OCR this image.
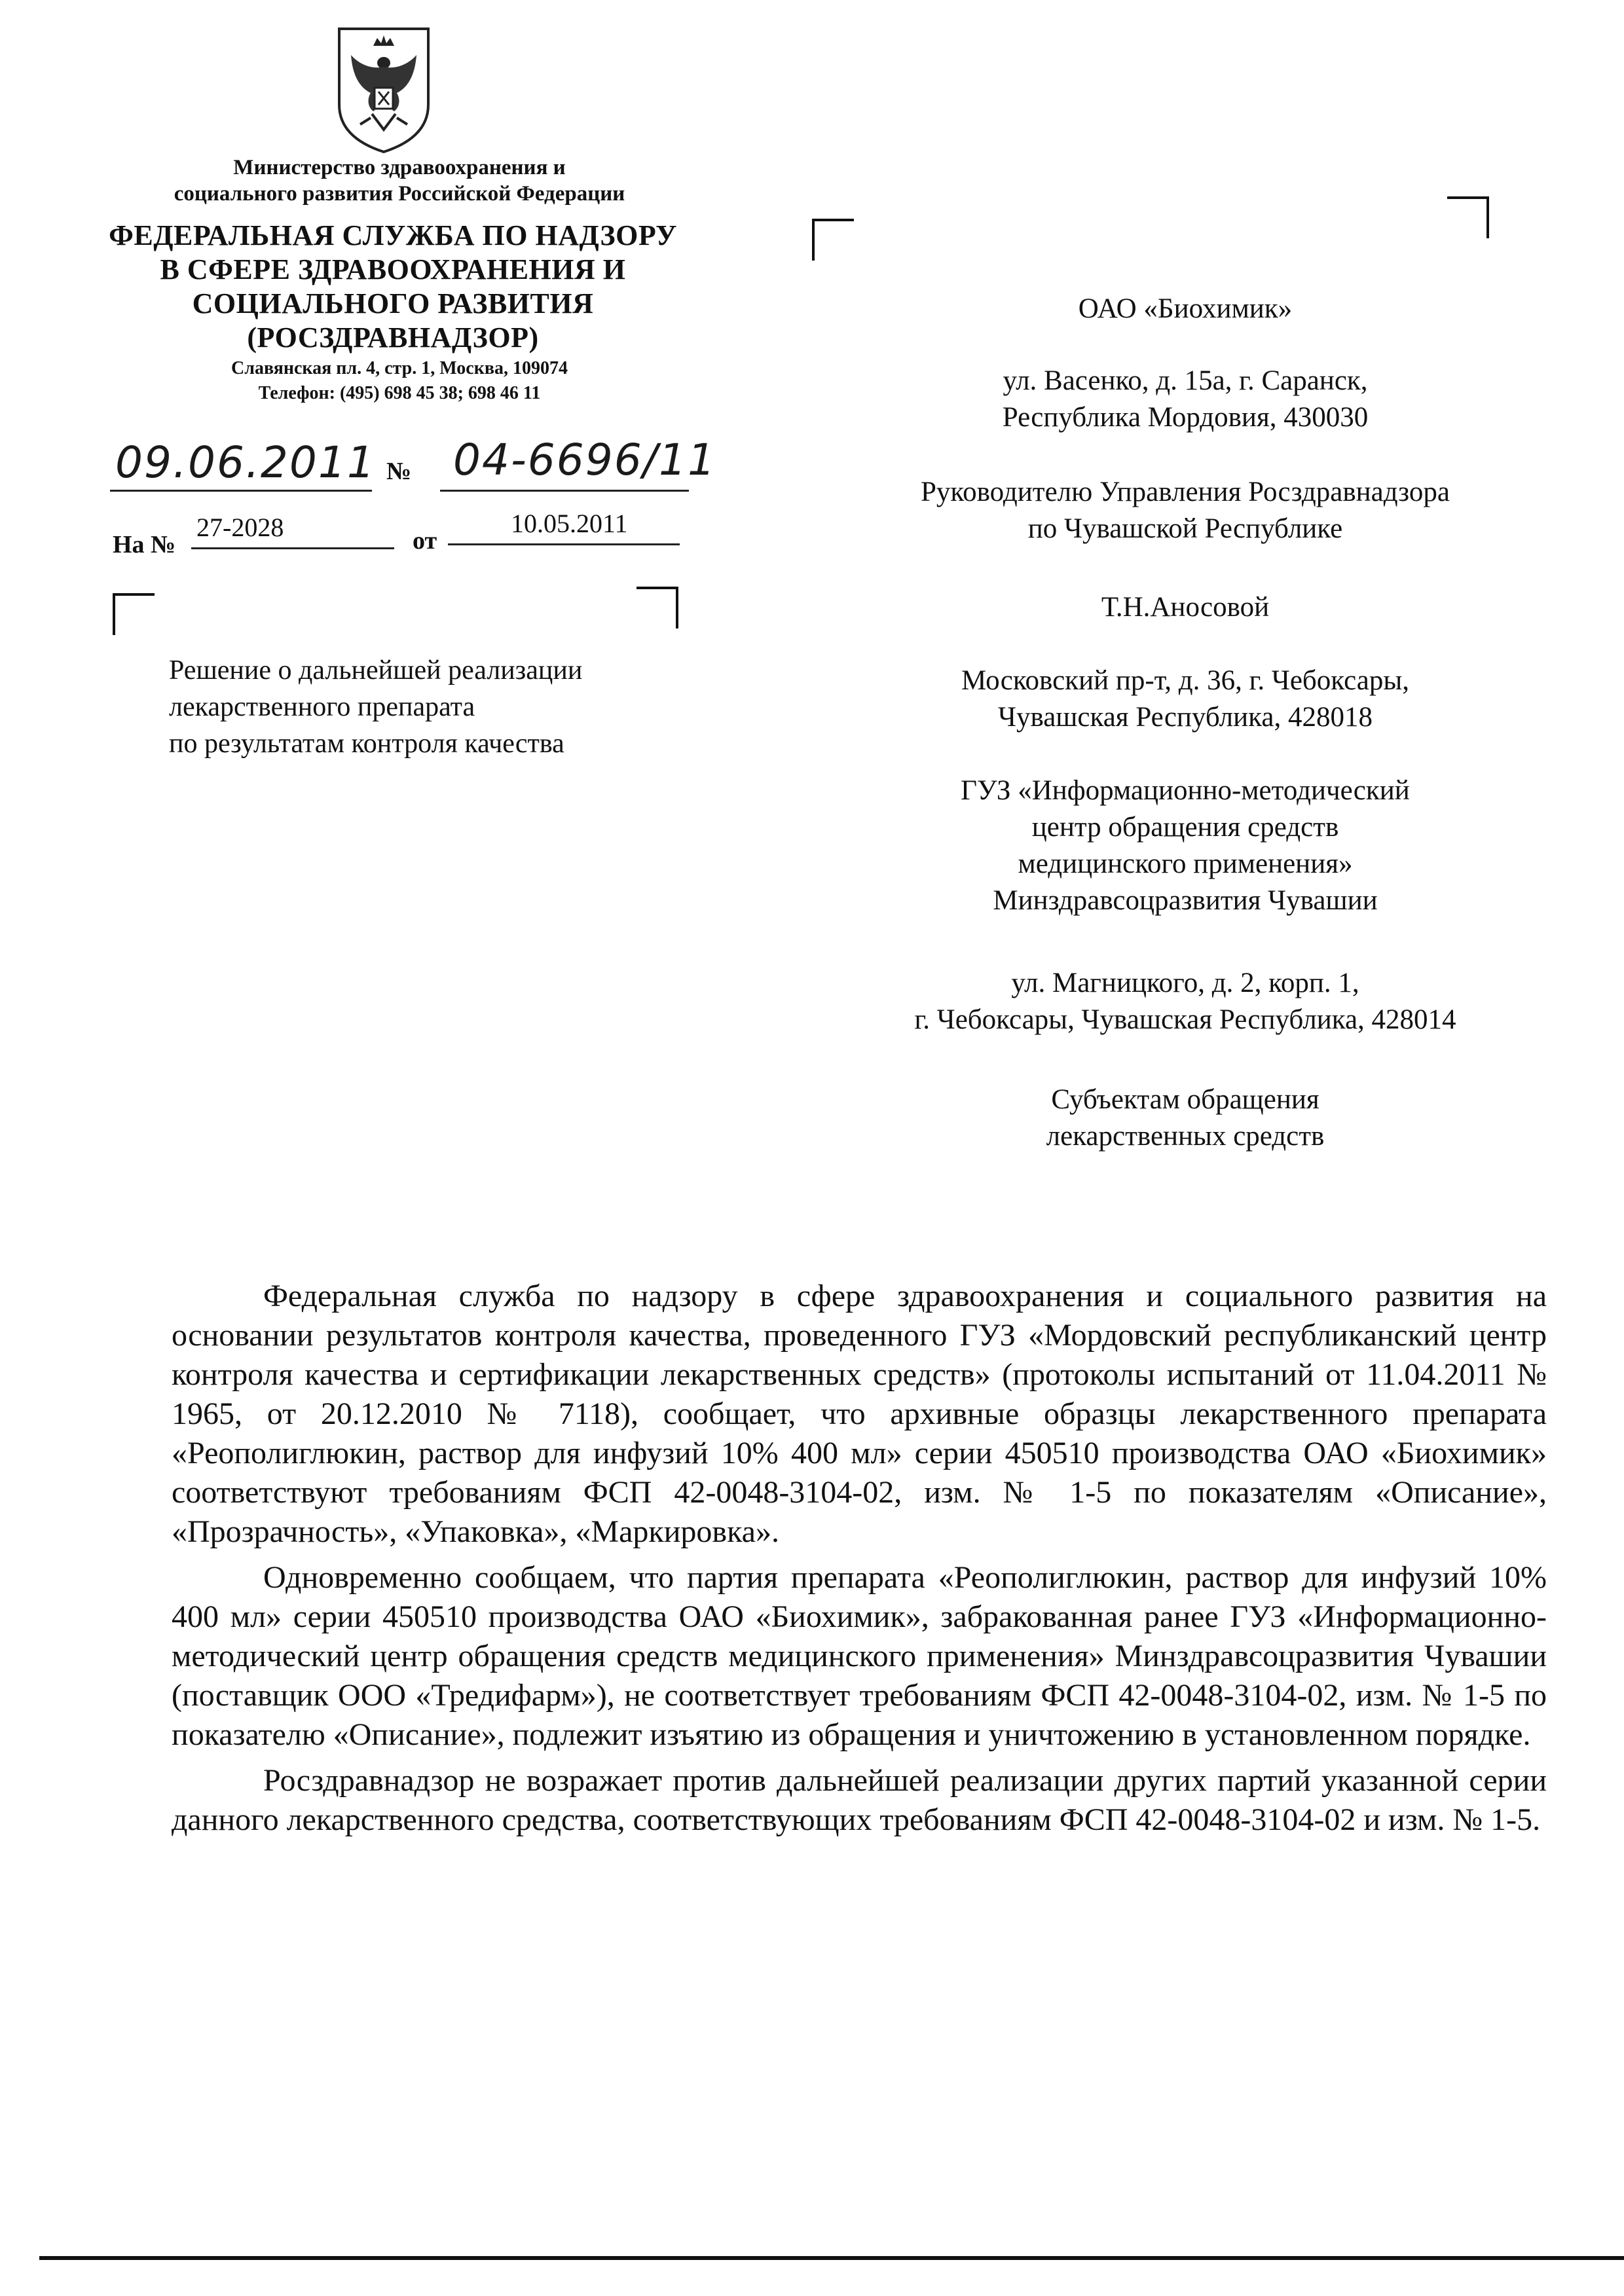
Министерство здравоохранения и
социального развития Российской Федерации
ФЕДЕРАЛЬНАЯ СЛУЖБА ПО НАДЗОРУ
В СФЕРЕ ЗДРАВООХРАНЕНИЯ И
СОЦИАЛЬНОГО РАЗВИТИЯ
(РОСЗДРАВНАДЗОР)
Славянская пл. 4, стр. 1, Москва, 109074
Телефон: (495) 698 45 38; 698 46 11
09.06.2011 № 04-6696/11
На №
27-2028	от
10.05.2011
Решение о дальнейшей реализации
лекарственного препарата
по результатам контроля качества
ОАО «Биохимик»
ул. Васенко, д. 15а, г. Саранск,
Республика Мордовия, 430030
Руководителю Управления Росздравнадзора
по Чувашской Республике
Т.Н.Аносовой
Московский пр-т, д. 36, г. Чебоксары,
Чувашская Республика, 428018
ГУЗ «Информационно-методический
центр обращения средств
медицинского применения»
Минздравсоцразвития Чувашии
ул. Магницкого, д. 2, корп. 1,
г. Чебоксары, Чувашская Республика, 428014
Субъектам обращения
лекарственных средств

Федеральная служба по надзору в сфере здравоохранения и социального развития на основании результатов контроля качества, проведенного ГУЗ «Мордовский республиканский центр контроля качества и сертификации лекарственных средств» (протоколы испытаний от 11.04.2011 № 1965, от 20.12.2010 № 7118), сообщает, что архивные образцы лекарственного препарата «Реополиглюкин, раствор для инфузий 10% 400 мл» серии 450510 производства ОАО «Биохимик» соответствуют требованиям ФСП 42-0048-3104-02, изм. № 1-5 по показателям «Описание», «Прозрачность», «Упаковка», «Маркировка».

Одновременно сообщаем, что партия препарата «Реополиглюкин, раствор для инфузий 10% 400 мл» серии 450510 производства ОАО «Биохимик», забракованная ранее ГУЗ «Информационно-методический центр обращения средств медицинского применения» Минздравсоцразвития Чувашии (поставщик ООО «Тредифарм»), не соответствует требованиям ФСП 42-0048-3104-02, изм. № 1-5 по показателю «Описание», подлежит изъятию из обращения и уничтожению в установленном порядке.

Росздравнадзор не возражает против дальнейшей реализации других партий указанной серии данного лекарственного средства, соответствующих требованиям ФСП 42-0048-3104-02 и изм. № 1-5.
